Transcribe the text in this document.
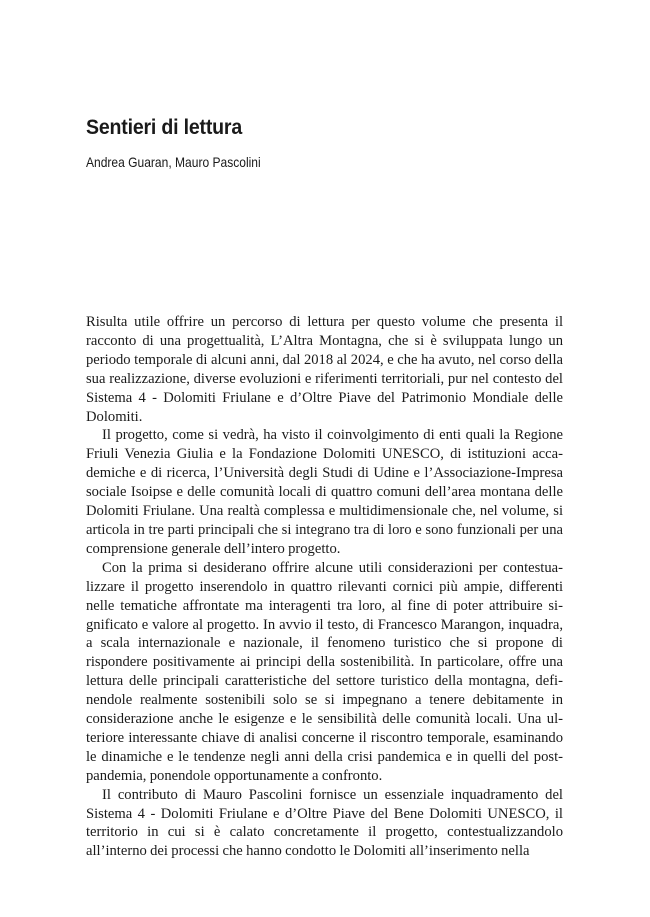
Sentieri di lettura

Andrea Guaran, Mauro Pascolini

Risulta utile offrire un percorso di lettura per questo volume che presenta il racconto di una progettualità, L’Altra Montagna, che si è sviluppata lungo un periodo temporale di alcuni anni, dal 2018 al 2024, e che ha avuto, nel corso della sua realizzazione, diverse evoluzioni e riferimenti territoriali, pur nel contesto del Sistema 4 - Dolomiti Friulane e d’Oltre Piave del Patrimonio Mondiale delle Dolomiti.

Il progetto, come si vedrà, ha visto il coinvolgimento di enti quali la Regione Friuli Venezia Giulia e la Fondazione Dolomiti UNESCO, di istituzioni accademiche e di ricerca, l’Università degli Studi di Udine e l’Associazione-Impresa sociale Isoipse e delle comunità locali di quattro comuni dell’area montana delle Dolomiti Friulane. Una realtà complessa e multidimensionale che, nel volume, si articola in tre parti principali che si integrano tra di loro e sono funzionali per una comprensione generale dell’intero progetto.

Con la prima si desiderano offrire alcune utili considerazioni per contestualizzare il progetto inserendolo in quattro rilevanti cornici più ampie, differenti nelle tematiche affrontate ma interagenti tra loro, al fine di poter attribuire significato e valore al progetto. In avvio il testo, di Francesco Marangon, inquadra, a scala internazionale e nazionale, il fenomeno turistico che si propone di rispondere positivamente ai principi della sostenibilità. In particolare, offre una lettura delle principali caratteristiche del settore turistico della montagna, definendole realmente sostenibili solo se si impegnano a tenere debitamente in considerazione anche le esigenze e le sensibilità delle comunità locali. Una ulteriore interessante chiave di analisi concerne il riscontro temporale, esaminando le dinamiche e le tendenze negli anni della crisi pandemica e in quelli del post-pandemia, ponendole opportunamente a confronto.

Il contributo di Mauro Pascolini fornisce un essenziale inquadramento del Sistema 4 - Dolomiti Friulane e d’Oltre Piave del Bene Dolomiti UNESCO, il territorio in cui si è calato concretamente il progetto, contestualizzandolo all’interno dei processi che hanno condotto le Dolomiti all’inserimento nella
